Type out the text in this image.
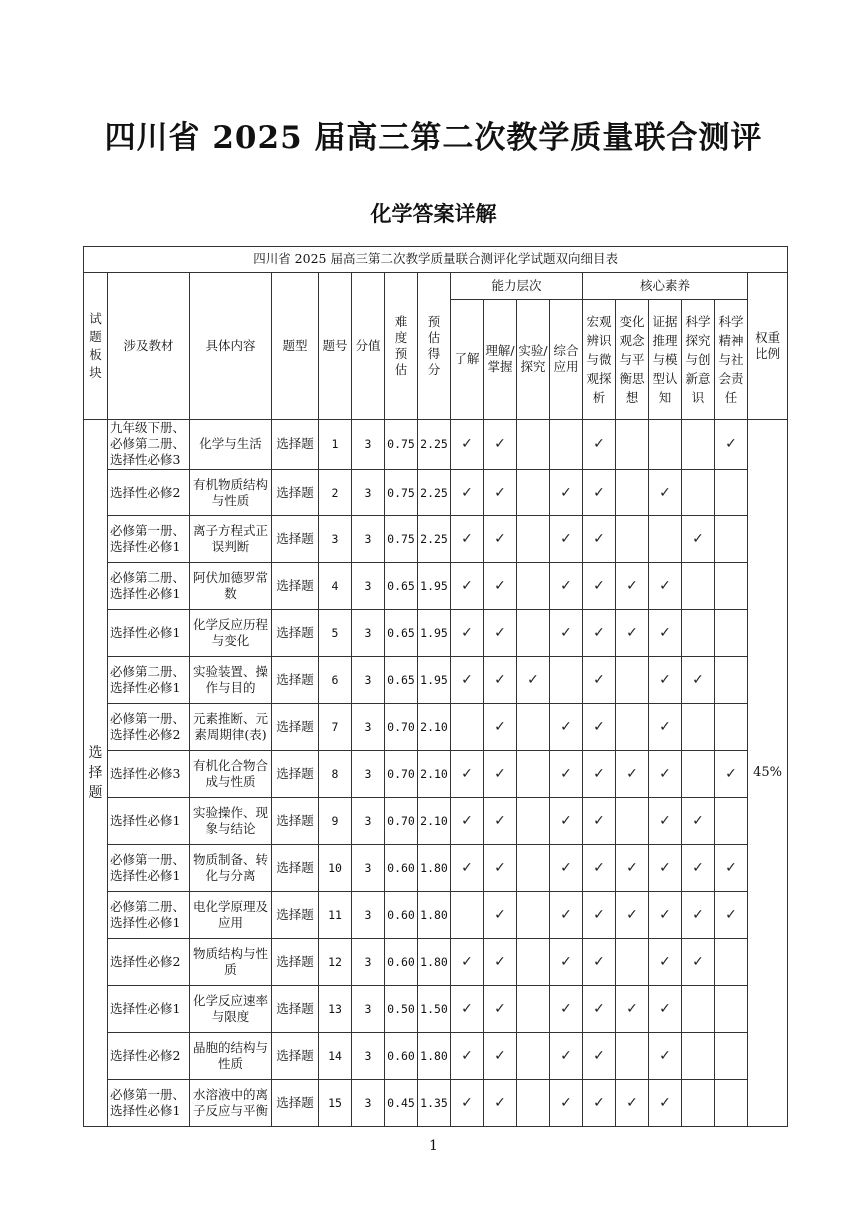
四川省 2025 届高三第二次教学质量联合测评
化学答案详解
四川省 2025 届高三第二次教学质量联合测评化学试题双向细目表																	
试题板块	涉及教材	具体内容	题型	题号	分值	难度预估	预估得分	能力层次				核心素养					权重比例
								了解	理解/掌握	实验/探究	综合应用	宏观辨识与微观探析	变化观念与平衡思想	证据推理与模型认知	科学探究与创新意识	科学精神与社会责任	
选择题	九年级下册、必修第二册、选择性必修3	化学与生活	选择题	1	3	0.75	2.25	✓	✓			✓				✓	45%
	选择性必修2	有机物质结构与性质	选择题	2	3	0.75	2.25	✓	✓		✓	✓		✓			
	必修第一册、选择性必修1	离子方程式正误判断	选择题	3	3	0.75	2.25	✓	✓		✓	✓			✓		
	必修第二册、选择性必修1	阿伏加德罗常数	选择题	4	3	0.65	1.95	✓	✓		✓	✓	✓	✓			
	选择性必修1	化学反应历程与变化	选择题	5	3	0.65	1.95	✓	✓		✓	✓	✓	✓			
	必修第二册、选择性必修1	实验装置、操作与目的	选择题	6	3	0.65	1.95	✓	✓	✓		✓		✓	✓		
	必修第一册、选择性必修2	元素推断、元素周期律(表)	选择题	7	3	0.70	2.10		✓		✓	✓		✓			
	选择性必修3	有机化合物合成与性质	选择题	8	3	0.70	2.10	✓	✓		✓	✓	✓	✓		✓	
	选择性必修1	实验操作、现象与结论	选择题	9	3	0.70	2.10	✓	✓		✓	✓		✓	✓		
	必修第一册、选择性必修1	物质制备、转化与分离	选择题	10	3	0.60	1.80	✓	✓		✓	✓	✓	✓	✓	✓	
	必修第二册、选择性必修1	电化学原理及应用	选择题	11	3	0.60	1.80		✓		✓	✓	✓	✓	✓	✓	
	选择性必修2	物质结构与性质	选择题	12	3	0.60	1.80	✓	✓		✓	✓		✓	✓		
	选择性必修1	化学反应速率与限度	选择题	13	3	0.50	1.50	✓	✓		✓	✓	✓	✓			
	选择性必修2	晶胞的结构与性质	选择题	14	3	0.60	1.80	✓	✓		✓	✓		✓			
	必修第一册、选择性必修1	水溶液中的离子反应与平衡	选择题	15	3	0.45	1.35	✓	✓		✓	✓	✓	✓			
1
